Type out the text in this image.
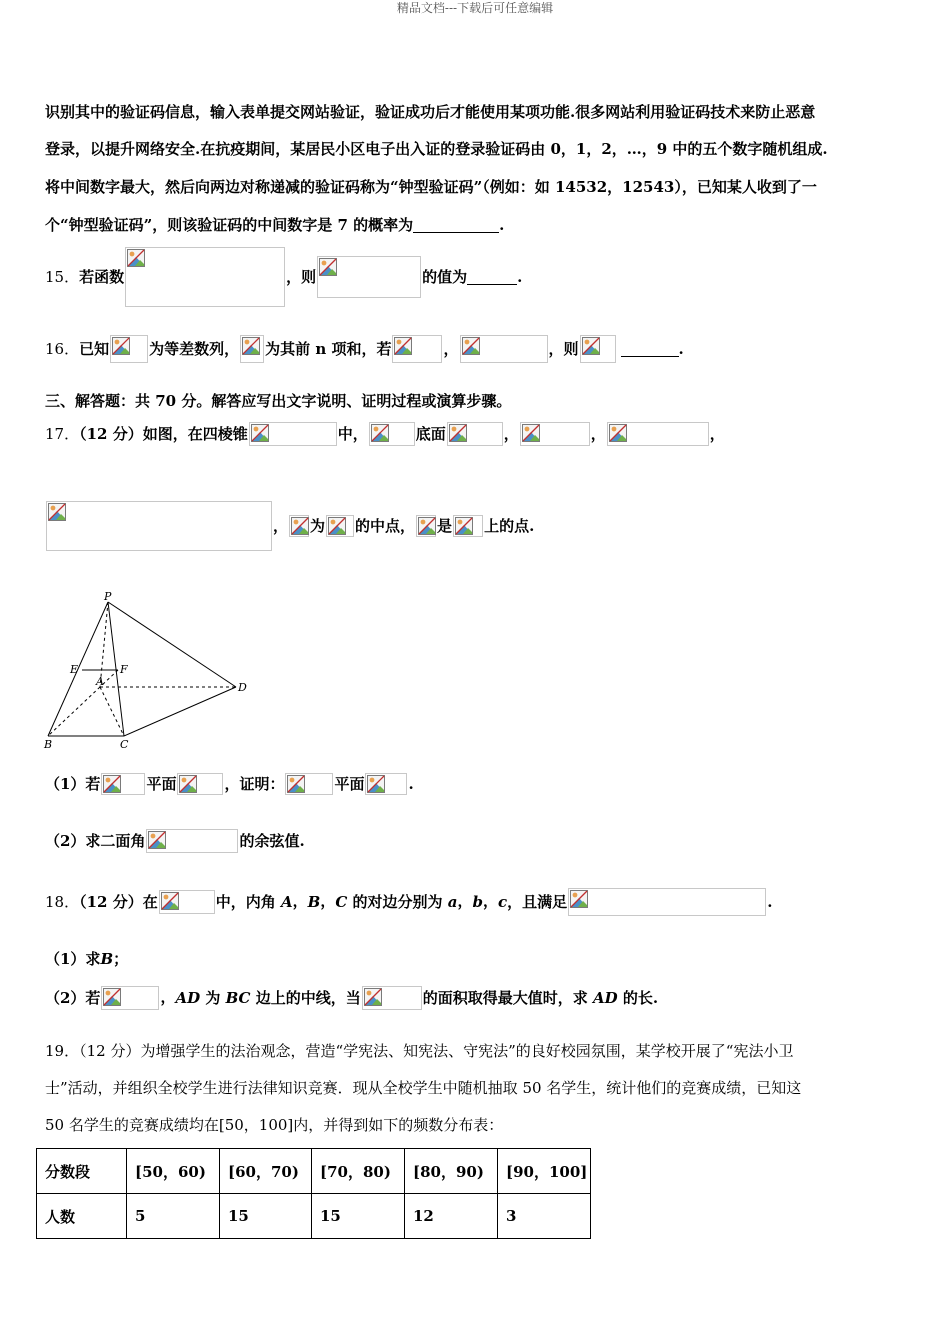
精品文档---下载后可任意编辑
识别其中的验证码信息，输入表单提交网站验证，验证成功后才能使用某项功能.很多网站利用验证码技术来防止恶意
登录，以提升网络安全.在抗疫期间，某居民小区电子出入证的登录验证码由 0，1，2，…，9 中的五个数字随机组成.
将中间数字最大，然后向两边对称递减的验证码称为“钟型验证码”（例如：如 14532，12543），已知某人收到了一
个“钟型验证码”，则该验证码的中间数字是 7 的概率为	.
15．若函数	，则	的值为	.
16．已知	为等差数列， 为其前 n 项和，若	，	，则	.
三、解答题：共 70 分。解答应写出文字说明、证明过程或演算步骤。
17．（12 分）如图，在四棱锥	中，	底面	，	，	，
， 为 的中点， 是 上的点.
P
E	F
A	D
B	C
（1）若	平面	，证明：	平面	.
（2）求二面角	的余弦值.
18．（12 分）在	中，内角 A，B，C 的对边分别为 a，b，c，且满足	.
（1）求B；
（2）若	，AD 为 BC 边上的中线，当	的面积取得最大值时，求 AD 的长.
19．（12 分）为增强学生的法治观念，营造“学宪法、知宪法、守宪法”的良好校园氛围，某学校开展了“宪法小卫
士”活动，并组织全校学生进行法律知识竞赛．现从全校学生中随机抽取 50 名学生，统计他们的竞赛成绩，已知这
50 名学生的竞赛成绩均在[50，100]内，并得到如下的频数分布表：
分数段	[50，60)	[60，70)	[70，80)	[80，90)	[90，100]
人数	5	15	15	12	3
